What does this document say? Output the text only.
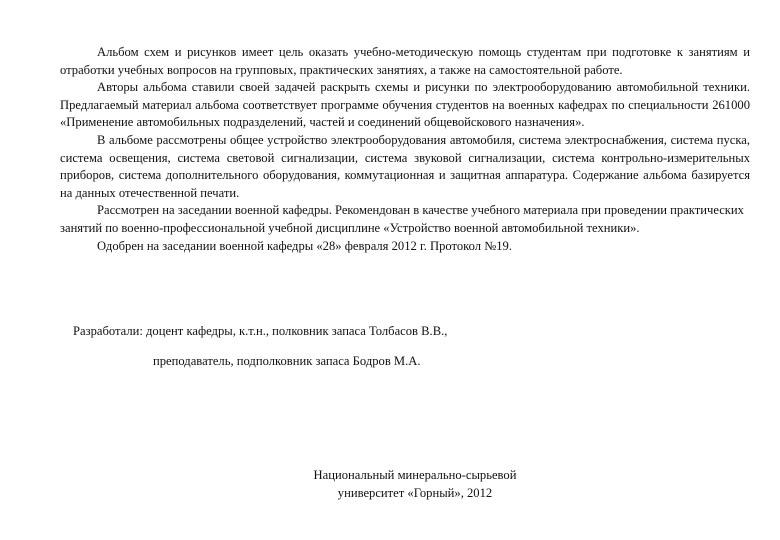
Альбом схем и рисунков имеет цель оказать учебно-методическую помощь студентам при подготовке к занятиям и отработки учебных вопросов на групповых, практических занятиях, а также на самостоятельной работе.

Авторы альбома ставили своей задачей раскрыть схемы и рисунки по электрооборудованию автомобильной техники. Предлагаемый материал альбома соответствует программе обучения студентов на военных кафедрах по специальности 261000 «Применение автомобильных подразделений, частей и соединений общевойскового назначения».

В альбоме рассмотрены общее устройство электрооборудования автомобиля, система электроснабжения, система пуска, система освещения, система световой сигнализации, система звуковой сигнализации, система контрольно-измерительных приборов, система дополнительного оборудования, коммутационная и защитная аппаратура. Содержание альбома базируется на данных отечественной печати.

Рассмотрен на заседании военной кафедры. Рекомендован в качестве учебного материала при проведении практических занятий по военно-профессиональной учебной дисциплине «Устройство военной автомобильной техники».

Одобрен на заседании военной кафедры «28» февраля 2012 г. Протокол №19.

Разработали: доцент кафедры, к.т.н., полковник запаса Толбасов В.В.,

преподаватель, подполковник запаса Бодров М.А.

Национальный минерально-сырьевой

университет «Горный», 2012
